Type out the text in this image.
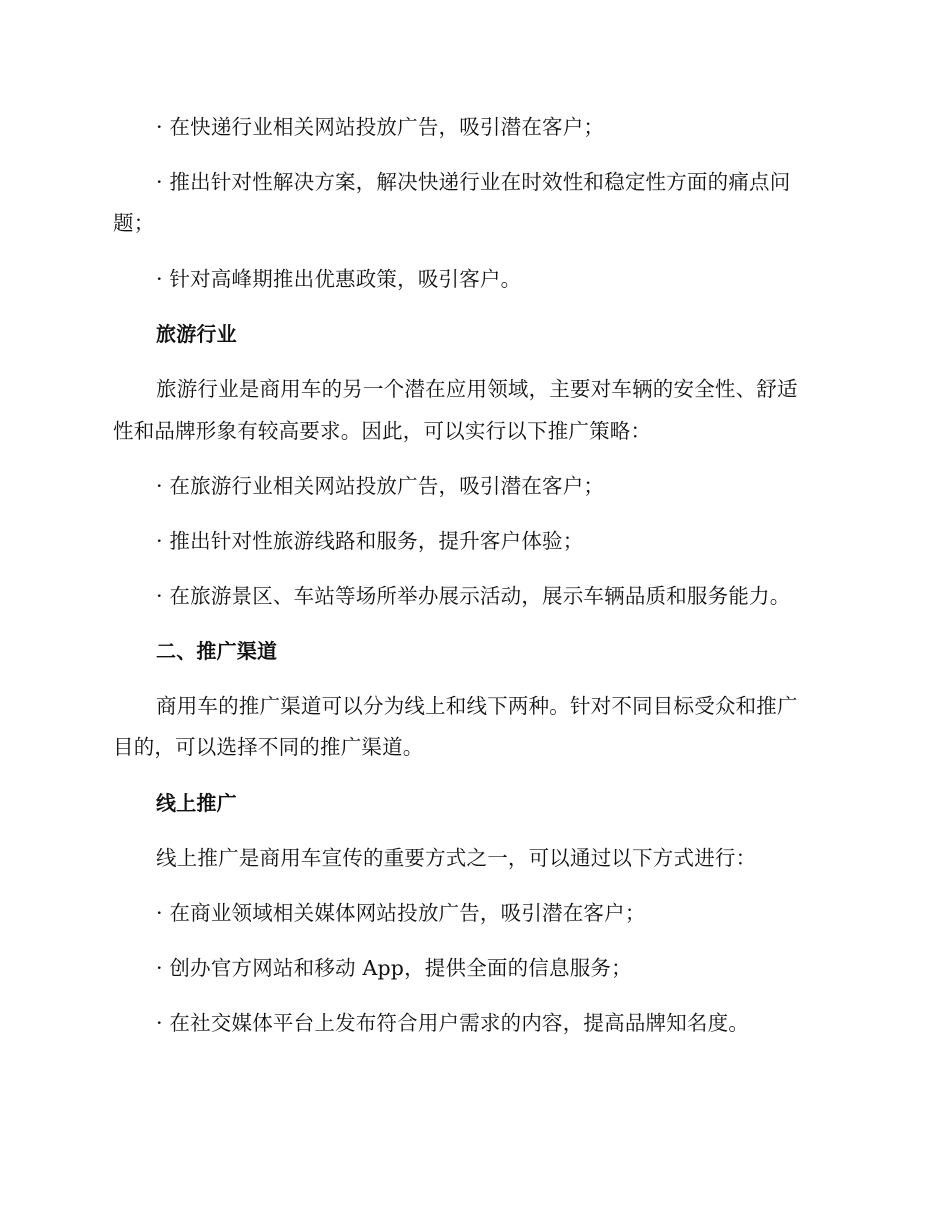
· 在快递行业相关网站投放广告，吸引潜在客户；
· 推出针对性解决方案，解决快递行业在时效性和稳定性方面的痛点问
题；
· 针对高峰期推出优惠政策，吸引客户。
旅游行业
旅游行业是商用车的另一个潜在应用领域，主要对车辆的安全性、舒适
性和品牌形象有较高要求。因此，可以实行以下推广策略：
· 在旅游行业相关网站投放广告，吸引潜在客户；
· 推出针对性旅游线路和服务，提升客户体验；
· 在旅游景区、车站等场所举办展示活动，展示车辆品质和服务能力。
二、推广渠道
商用车的推广渠道可以分为线上和线下两种。针对不同目标受众和推广
目的，可以选择不同的推广渠道。
线上推广
线上推广是商用车宣传的重要方式之一，可以通过以下方式进行：
· 在商业领域相关媒体网站投放广告，吸引潜在客户；
· 创办官方网站和移动 App，提供全面的信息服务；
· 在社交媒体平台上发布符合用户需求的内容，提高品牌知名度。
